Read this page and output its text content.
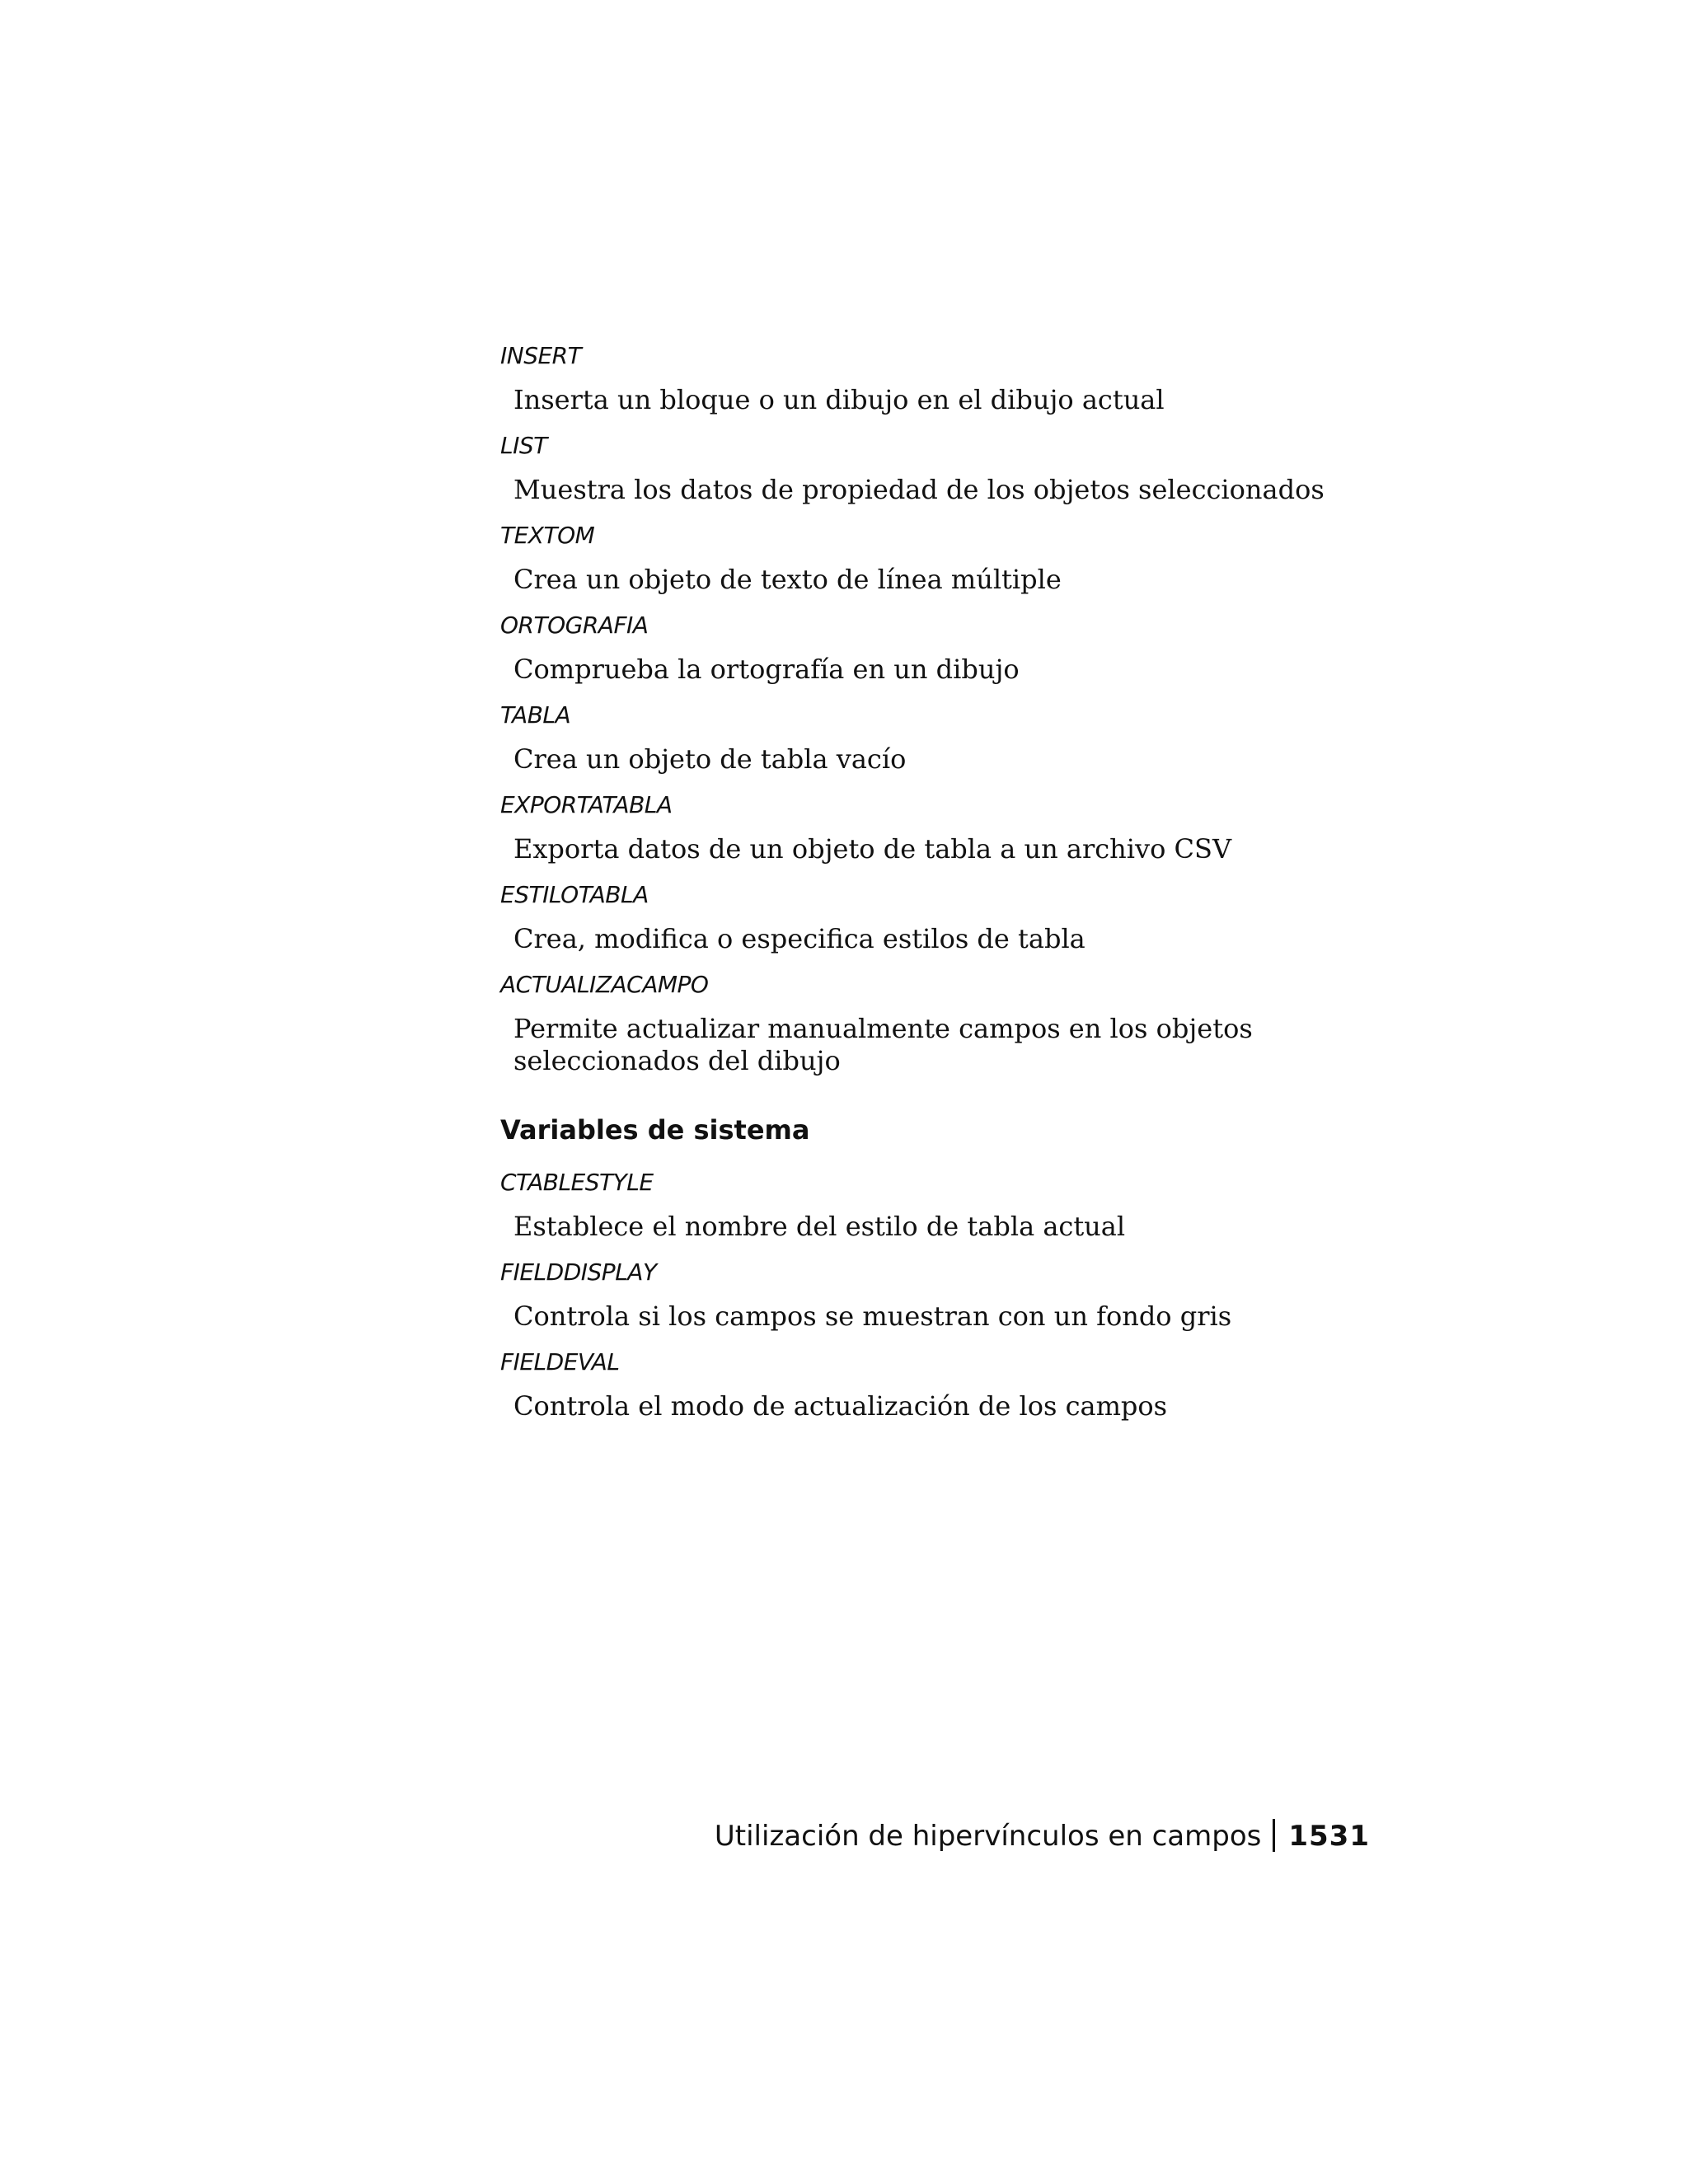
INSERT

Inserta un bloque o un dibujo en el dibujo actual

LIST

Muestra los datos de propiedad de los objetos seleccionados

TEXTOM

Crea un objeto de texto de línea múltiple

ORTOGRAFIA

Comprueba la ortografía en un dibujo

TABLA

Crea un objeto de tabla vacío

EXPORTATABLA

Exporta datos de un objeto de tabla a un archivo CSV

ESTILOTABLA

Crea, modifica o especifica estilos de tabla

ACTUALIZACAMPO

Permite actualizar manualmente campos en los objetos seleccionados del dibujo

Variables de sistema

CTABLESTYLE

Establece el nombre del estilo de tabla actual

FIELDDISPLAY

Controla si los campos se muestran con un fondo gris

FIELDEVAL

Controla el modo de actualización de los campos

Utilización de hipervínculos en campos 1531
